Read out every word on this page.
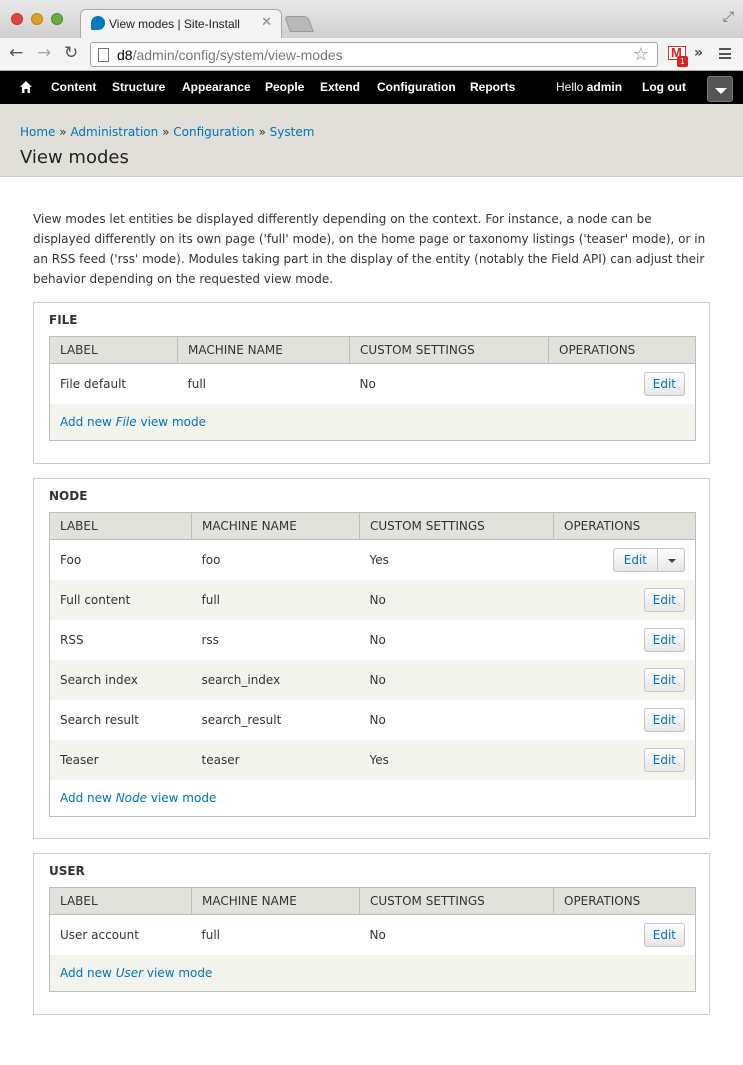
View modes | Site-Install ✕	⤢
← → ↻	d8/admin/config/system/view-modes	☆
M	1
»
Content Structure Appearance People Extend Configuration Reports	Hello admin Log out
Home » Administration » Configuration » System
View modes

View modes let entities be displayed differently depending on the context. For instance, a node can be displayed differently on its own page ('full' mode), on the home page or taxonomy listings ('teaser' mode), or in an RSS feed ('rss' mode). Modules taking part in the display of the entity (notably the Field API) can adjust their behavior depending on the requested view mode.

FILE
LABEL	MACHINE NAME	CUSTOM SETTINGS	OPERATIONS
File default	full	No	Edit
Add new File view mode			
NODE
LABEL	MACHINE NAME	CUSTOM SETTINGS	OPERATIONS
Foo	foo	Yes	Edit

Full content	full	No	Edit
RSS	rss	No	Edit
Search index	search_index	No	Edit
Search result	search_result	No	Edit
Teaser	teaser	Yes	Edit
Add new Node view mode			
USER
LABEL	MACHINE NAME	CUSTOM SETTINGS	OPERATIONS
User account	full	No	Edit
Add new User view mode			
